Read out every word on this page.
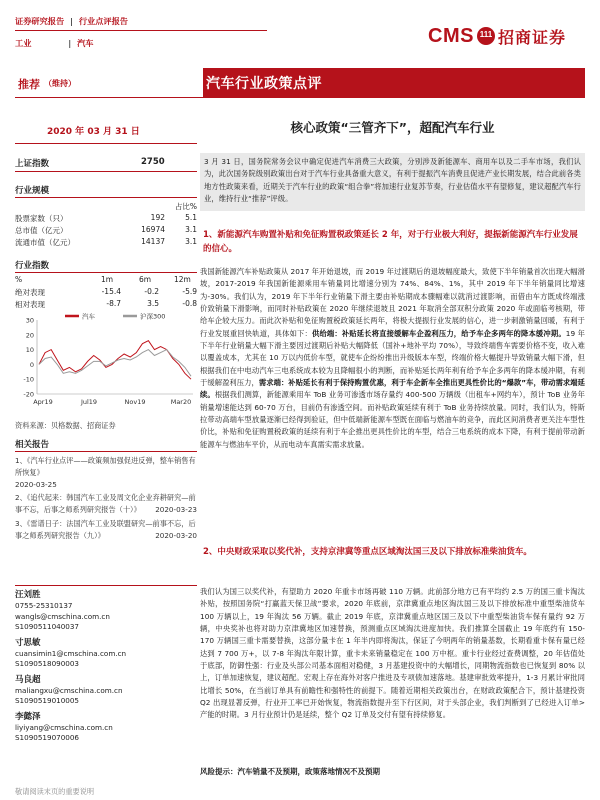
证券研究报告 | 行业点评报告
工业	| 汽车	CMS 111 招商证券
推荐 （维持）	汽车行业政策点评
2020 年 03 月 31 日	核心政策“三管齐下”，超配汽车行业
上证指数	2750
行业规模
占比%
股票家数（只）	192	5.1
总市值（亿元）	16974	3.1
流通市值（亿元）	14137	3.1
行业指数
%	1m	6m	12m
绝对表现	-15.4	-0.2	-5.9
相对表现	-8.7	3.5	-0.8
30
20
10
0
-10
-20
Apr19	Jul19	Nov19	Mar20
汽车	沪深300
资料来源：贝格数据、招商证券
相关报告
1、《汽车行业点评——政策频加强促进反弹，整车销售有所恢复》
2020-03-25
2、《追代起来：韩国汽车工业及周文化企业弃耕研究—前事不忘，后事之师系列研究报告（十）》 2020-03-23
3、《雷谱日子：法国汽车工业及联盟研究—前事不忘，后事之师系列研究报告（九）》	2020-03-20
汪刘胜
0755-25310137
wangls@cmschina.com.cn
S1090511040037
寸思敏
cuansimin1@cmschina.com.cn
S1090518090003
马良超
maliangxu@cmschina.com.cn
S1090519010005
李懿泽
liyiyang@cmschina.com.cn
S1090519070006
敬请阅读末页的重要说明
3 月 31 日，国务院常务会议中确定促进汽车消费三大政策，分别涉及新能源车、商用车以及二手车市场，我们认为，此次国务院级别政策出台对于汽车行业具备重大意义，有利于提振汽车消费且促进产业长期发展，结合此前各类地方性政策来看，近期关于汽车行业的政策“组合拳”将加速行业复苏节奏，行业估值水平有望修复，建议超配汽车行业，维持行业“推荐”评级。
1、新能源汽车购置补贴和免征购置税政策延长 2 年，对于行业极大利好，提振新能源汽车行业发展的信心。
我国新能源汽车补贴政策从 2017 年开始退坡，而 2019 年过渡期后的退坡幅度最大，致使下半年销量首次出现大幅滑坡，2017-2019 年我国新能源乘用车销量同比增速分别为 74%、84%、1%，其中 2019 年下半年销量同比增速为-30%。我们认为，2019 年下半年行业销量下滑主要由补贴期成本骤幅难以就消过渡影响，而借由车方既成终端涨价致销量下滑影响，而同时补贴政策在 2020 年继续退坡且 2021 年取消全部双积分政策 2020 年或面临考核期，带给车企较大压力。而此次补贴和免征购置税政策延长两年，将极大提振行业发展的信心，进一步刺激销量回暖，有利于行业发展重回快轨道，具体如下：供给端：补贴延长将直接缓解车企盈利压力，给予车企多两年的降本缓冲期。19 年下半年行业销量大幅下滑主要因过渡期后补贴大幅降低（国补+地补平均 70%），导致终端售车需要价格不变，收入难以覆盖成本，尤其在 10 万以内低价车型，就使车企纷纷推出升级版本车型，终端价格大幅提升导致销量大幅下滑，但根据我们在中电动汽车三电系统成本较为且降幅很小的判断，而补贴延长两年利有给予车企多两年的降本缓冲期，有利于缓解盈利压力，需求端：补贴延长有利于保持购置优惠，利于车企新车全推出更具性价比的“爆款”车，带动需求端延续。根据我们测算，新能源乘用车 ToB 业务可渗透市场存量约 400-500 万辆级（出租车+网约车），预计 ToB 业务年销量增速能达到 60-70 万台，目前仍有渗透空间。而补贴政策延续有利于 ToB 业务持续放量。同时，我们认为，特斯拉带动高端车型放量逐渐已经得到验证，但中低端新能源车型既在面临与燃油车的竞争，而此区间消费者更关注车型性价比，补贴和免征购置税政策的延续有利于车企推出更具性价比的车型，结合三电系统的成本下降，有利于提前带动新能源车与燃油车平价，从而电动车真需实需求放量。
2、中央财政采取以奖代补，支持京津冀等重点区域淘汰国三及以下排放标准柴油货车。
我们认为国三以奖代补，有望助力 2020 年重卡市场再破 110 万辆。此前部分地方已有平均约 2.5 万的国三重卡淘汰补贴，按照国务院“打赢蓝天保卫战”要求，2020 年底前，京津冀重点地区淘汰国三及以下排放标准中重型柴油货车 100 万辆以上，19 年淘汰 56 万辆。截止 2019 年底，京津冀重点地区国三及以下中重型柴油货车保有量约 92 万辆，中央奖补也将对助力京津冀地区加速替换，预测重点区域淘汰进度加快。我们推算全国截止 19 年底约有 150-170 万辆国三重卡需要替换，这部分量卡在 1 年半内即将淘汰，保证了今明两年的销量基数，长期看重卡保有量已经达到 7 700 万+，以 7-8 年淘汰年限计算，重卡未来销量稳定在 100 万中枢。重卡行业经过查费调整，20 年估值处于底部，防御性强：行业及头部公司基本面相对稳健，3 月基建投资中的大幅增长，同期物流指数也已恢复到 80% 以上，订单加速恢复，建议超配。宏观上存在海外对客户推进及专项债加速落地。基建审批效率提升，1-3 月累计审批同比增长 50%，在当前订单具有前瞻性和强特性的前提下。随着近期相关政策出台，在财政政策配合下，预计基建投资 Q2 出现显著反弹，行业开工率已开始恢复，物流指数提升至下行区间，对于头部企业，我们判断到了已经进入订单>产能的时期。3 月行业预计仍是延续，整个 Q2 订单及交付有望有持续修复。
风险提示：汽车销量不及预期，政策落地情况不及预期
